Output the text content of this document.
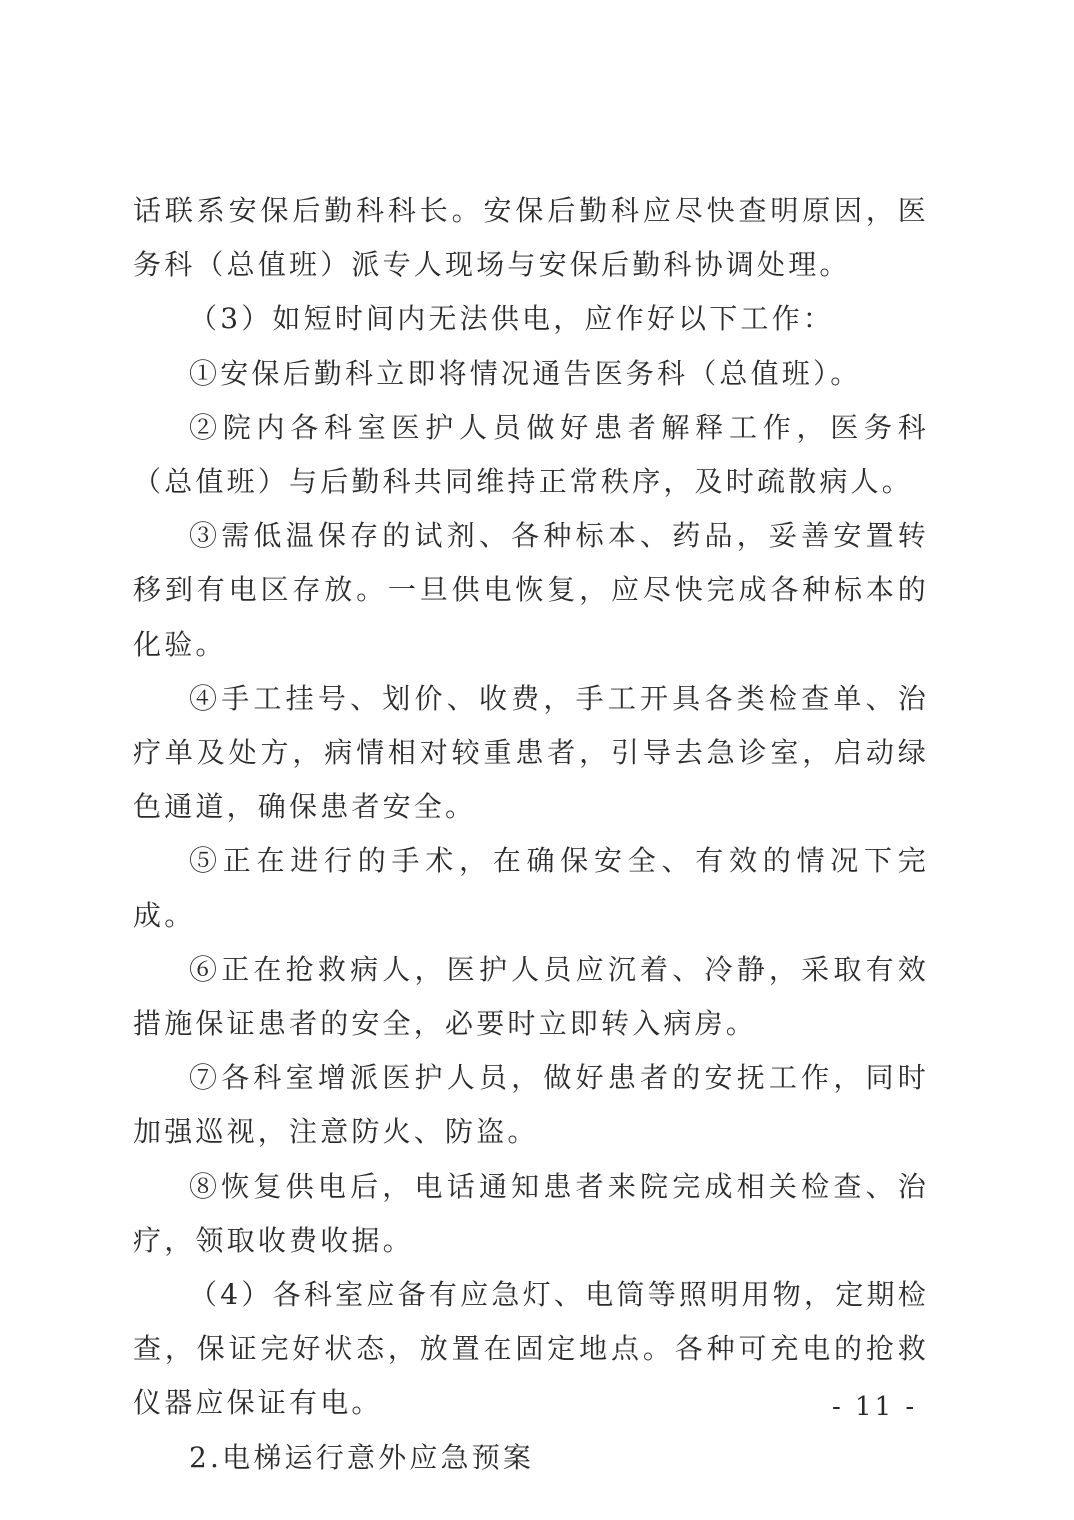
话联系安保后勤科科长。安保后勤科应尽快查明原因，医务科（总值班）派专人现场与安保后勤科协调处理。

（3）如短时间内无法供电，应作好以下工作：

①安保后勤科立即将情况通告医务科（总值班）。

②院内各科室医护人员做好患者解释工作，医务科（总值班）与后勤科共同维持正常秩序，及时疏散病人。

③需低温保存的试剂、各种标本、药品，妥善安置转移到有电区存放。一旦供电恢复，应尽快完成各种标本的化验。

④手工挂号、划价、收费，手工开具各类检查单、治疗单及处方，病情相对较重患者，引导去急诊室，启动绿色通道，确保患者安全。

⑤正在进行的手术，在确保安全、有效的情况下完成。

⑥正在抢救病人，医护人员应沉着、冷静，采取有效措施保证患者的安全，必要时立即转入病房。

⑦各科室增派医护人员，做好患者的安抚工作，同时加强巡视，注意防火、防盗。

⑧恢复供电后，电话通知患者来院完成相关检查、治疗，领取收费收据。

（4）各科室应备有应急灯、电筒等照明用物，定期检查，保证完好状态，放置在固定地点。各种可充电的抢救仪器应保证有电。

2.电梯运行意外应急预案

- 11 -
